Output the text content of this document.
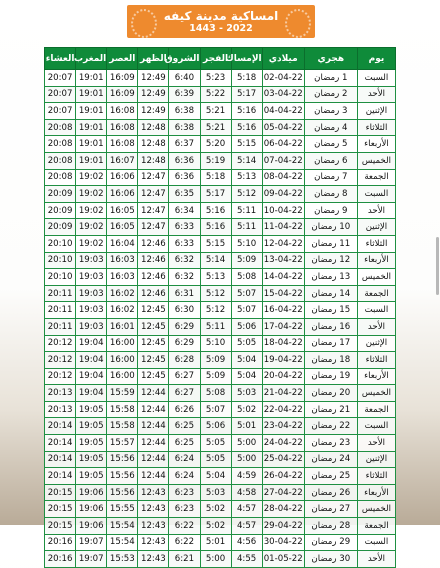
امساكية مدينة كيفه
1443 - 2022
يوم	هجري	ميلادي	الإمساك	الفجر	الشروق	الظهر	العصر	المغرب	العشاء
السبت	1 رمضان	02-04-22	5:18	5:23	6:40	12:49	16:09	19:01	20:07
الأحد	2 رمضان	03-04-22	5:17	5:22	6:39	12:49	16:09	19:01	20:07
الإثنين	3 رمضان	04-04-22	5:16	5:21	6:38	12:49	16:08	19:01	20:07
الثلاثاء	4 رمضان	05-04-22	5:16	5:21	6:38	12:48	16:08	19:01	20:08
الأربعاء	5 رمضان	06-04-22	5:15	5:20	6:37	12:48	16:08	19:01	20:08
الخميس	6 رمضان	07-04-22	5:14	5:19	6:36	12:48	16:07	19:01	20:08
الجمعة	7 رمضان	08-04-22	5:13	5:18	6:36	12:47	16:06	19:02	20:08
السبت	8 رمضان	09-04-22	5:12	5:17	6:35	12:47	16:06	19:02	20:09
الأحد	9 رمضان	10-04-22	5:11	5:16	6:34	12:47	16:05	19:02	20:09
الإثنين	10 رمضان	11-04-22	5:11	5:16	6:33	12:47	16:05	19:02	20:09
الثلاثاء	11 رمضان	12-04-22	5:10	5:15	6:33	12:46	16:04	19:02	20:10
الأربعاء	12 رمضان	13-04-22	5:09	5:14	6:32	12:46	16:03	19:03	20:10
الخميس	13 رمضان	14-04-22	5:08	5:13	6:32	12:46	16:03	19:03	20:10
الجمعة	14 رمضان	15-04-22	5:07	5:12	6:31	12:46	16:02	19:03	20:11
السبت	15 رمضان	16-04-22	5:07	5:12	6:30	12:45	16:02	19:03	20:11
الأحد	16 رمضان	17-04-22	5:06	5:11	6:29	12:45	16:01	19:03	20:11
الإثنين	17 رمضان	18-04-22	5:05	5:10	6:29	12:45	16:00	19:04	20:12
الثلاثاء	18 رمضان	19-04-22	5:04	5:09	6:28	12:45	16:00	19:04	20:12
الأربعاء	19 رمضان	20-04-22	5:04	5:09	6:27	12:45	16:00	19:04	20:12
الخميس	20 رمضان	21-04-22	5:03	5:08	6:27	12:44	15:59	19:04	20:13
الجمعة	21 رمضان	22-04-22	5:02	5:07	6:26	12:44	15:58	19:05	20:13
السبت	22 رمضان	23-04-22	5:01	5:06	6:25	12:44	15:58	19:05	20:14
الأحد	23 رمضان	24-04-22	5:00	5:05	6:25	12:44	15:57	19:05	20:14
الإثنين	24 رمضان	25-04-22	5:00	5:05	6:24	12:44	15:56	19:05	20:14
الثلاثاء	25 رمضان	26-04-22	4:59	5:04	6:24	12:44	15:56	19:05	20:14
الأربعاء	26 رمضان	27-04-22	4:58	5:03	6:23	12:43	15:56	19:06	20:15
الخميس	27 رمضان	28-04-22	4:57	5:02	6:23	12:43	15:55	19:06	20:15
الجمعة	28 رمضان	29-04-22	4:57	5:02	6:22	12:43	15:54	19:06	20:15
السبت	29 رمضان	30-04-22	4:56	5:01	6:22	12:43	15:54	19:07	20:16
الأحد	30 رمضان	01-05-22	4:55	5:00	6:21	12:43	15:53	19:07	20:16
